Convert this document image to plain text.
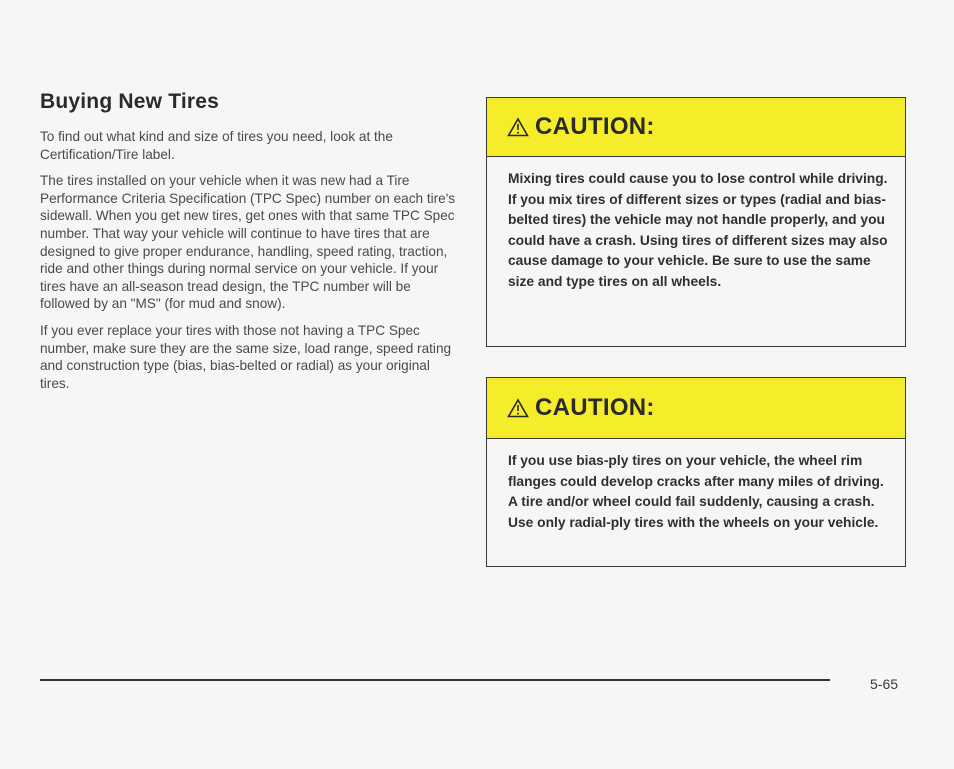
Buying New Tires

To find out what kind and size of tires you need, look at the Certification/Tire label.

The tires installed on your vehicle when it was new had a Tire Performance Criteria Specification (TPC Spec) number on each tire's sidewall. When you get new tires, get ones with that same TPC Spec number. That way your vehicle will continue to have tires that are designed to give proper endurance, handling, speed rating, traction, ride and other things during normal service on your vehicle. If your tires have an all-season tread design, the TPC number will be followed by an "MS" (for mud and snow).

If you ever replace your tires with those not having a TPC Spec number, make sure they are the same size, load range, speed rating and construction type (bias, bias-belted or radial) as your original tires.

CAUTION:
Mixing tires could cause you to lose control while driving. If you mix tires of different sizes or types (radial and bias-belted tires) the vehicle may not handle properly, and you could have a crash. Using tires of different sizes may also cause damage to your vehicle. Be sure to use the same size and type tires on all wheels.
CAUTION:
If you use bias-ply tires on your vehicle, the wheel rim flanges could develop cracks after many miles of driving. A tire and/or wheel could fail suddenly, causing a crash. Use only radial-ply tires with the wheels on your vehicle.
5-65
